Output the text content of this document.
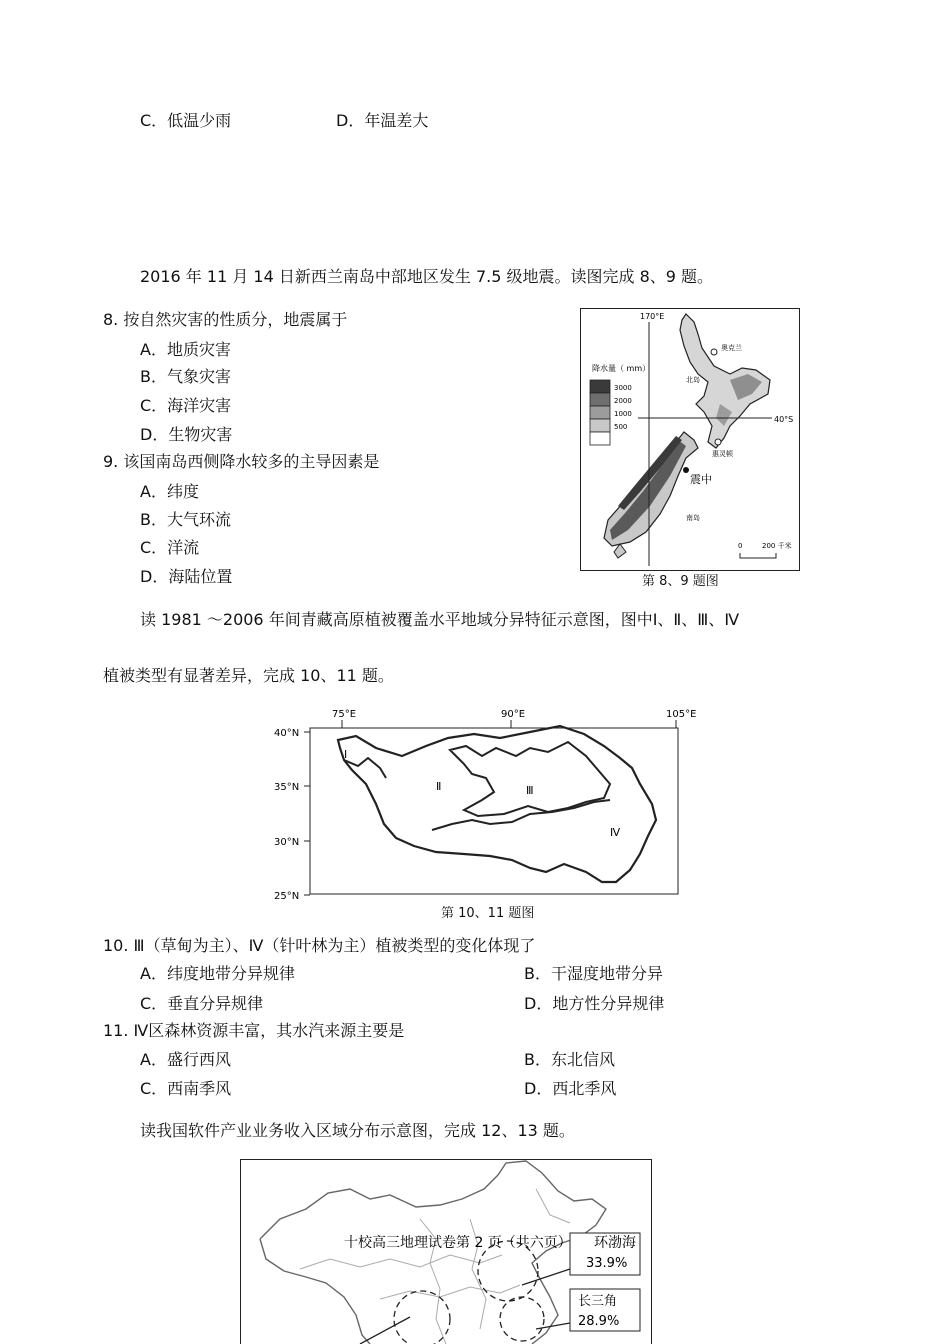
C．低温少雨	D．年温差大
2016 年 11 月 14 日新西兰南岛中部地区发生 7.5 级地震。读图完成 8、9 题。
8. 按自然灾害的性质分，地震属于
A．地质灾害
B．气象灾害
C．海洋灾害
D．生物灾害
9. 该国南岛西侧降水较多的主导因素是
A．纬度
B．大气环流
C．洋流
D．海陆位置
170°E
40°S
降水量（ mm）
3000
2000
1000
500
奥克兰
北岛
惠灵顿
震中
南岛
0	200 千米
第 8、9 题图
读 1981 ～2006 年间青藏高原植被覆盖水平地域分异特征示意图，图中Ⅰ、Ⅱ、Ⅲ、Ⅳ
植被类型有显著差异，完成 10、11 题。
75°E	90°E	105°E
40°N
35°N
30°N
25°N
Ⅰ
Ⅱ	Ⅲ
Ⅳ
第 10、11 题图
10. Ⅲ（草甸为主）、Ⅳ（针叶林为主）植被类型的变化体现了
A．纬度地带分异规律	B．干湿度地带分异
C．垂直分异规律	D．地方性分异规律
11. Ⅳ区森林资源丰富，其水汽来源主要是
A．盛行西风	B．东北信风
C．西南季风	D．西北季风
读我国软件产业业务收入区域分布示意图，完成 12、13 题。
33.9%
长三角
28.9%
十校高三地理试卷第 2 页（共六页） 环渤海
